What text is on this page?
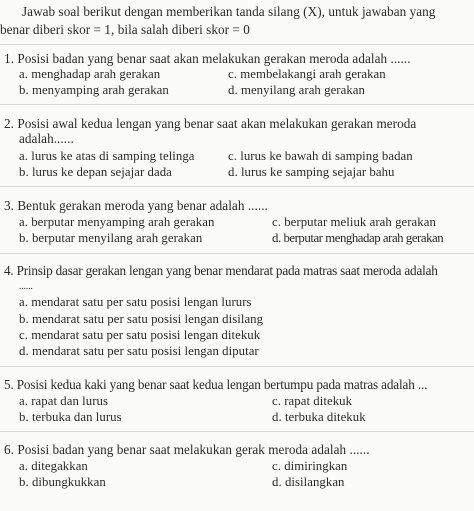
Jawab soal berikut dengan memberikan tanda silang (X), untuk jawaban yang
benar diberi skor = 1, bila salah diberi skor = 0
1. Posisi badan yang benar saat akan melakukan gerakan meroda adalah ......
a. menghadap arah gerakan	c. membelakangi arah gerakan
b. menyamping arah gerakan	d. menyilang arah gerakan
2. Posisi awal kedua lengan yang benar saat akan melakukan gerakan meroda
adalah......
a. lurus ke atas di samping telinga	c. lurus ke bawah di samping badan
b. lurus ke depan sejajar dada	d. lurus ke samping sejajar bahu
3. Bentuk gerakan meroda yang benar adalah ......
a. berputar menyamping arah gerakan	c. berputar meliuk arah gerakan
b. berputar menyilang arah gerakan	d. berputar menghadap arah gerakan
4. Prinsip dasar gerakan lengan yang benar mendarat pada matras saat meroda adalah
......
a. mendarat satu per satu posisi lengan lururs
b. mendarat satu per satu posisi lengan disilang
c. mendarat satu per satu posisi lengan ditekuk
d. mendarat satu per satu posisi lengan diputar
5. Posisi kedua kaki yang benar saat kedua lengan bertumpu pada matras adalah ...
a. rapat dan lurus	c. rapat ditekuk
b. terbuka dan lurus	d. terbuka ditekuk
6. Posisi badan yang benar saat melakukan gerak meroda adalah ......
a. ditegakkan	c. dimiringkan
b. dibungkukkan	d. disilangkan
